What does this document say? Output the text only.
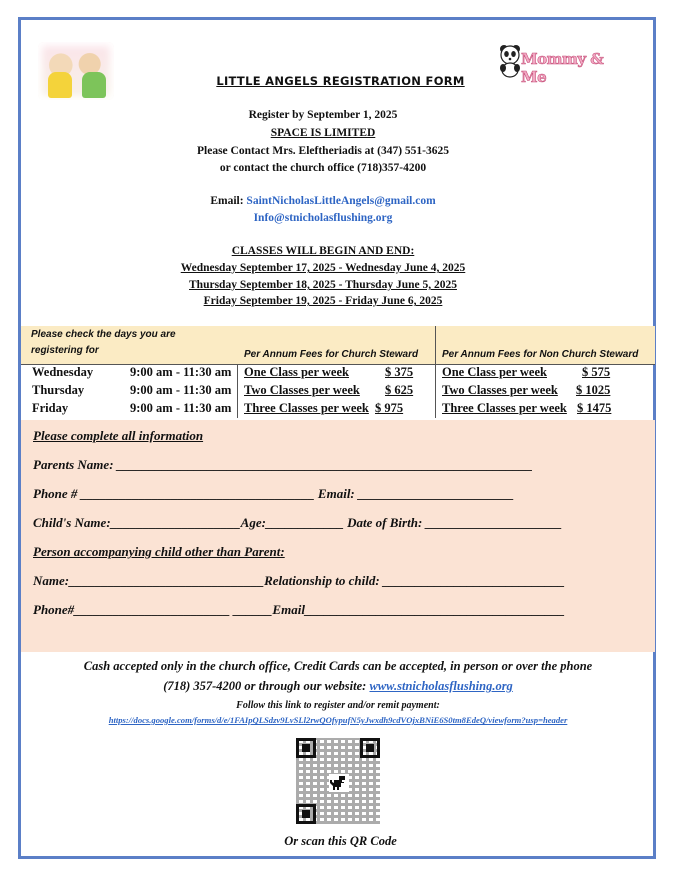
Mommy & Me
LITTLE ANGELS REGISTRATION FORM
Register by September 1, 2025
SPACE IS LIMITED
Please Contact Mrs. Eleftheriadis at (347) 551-3625
or contact the church office (718)357-4200
Email: SaintNicholasLittleAngels@gmail.com
Info@stnicholasflushing.org
CLASSES WILL BEGIN AND END:
Wednesday September 17, 2025 - Wednesday June 4, 2025
Thursday September 18, 2025 - Thursday June 5, 2025
Friday September 19, 2025 - Friday June 6, 2025
Please check the days you are
registering for	Per Annum Fees for Church Steward Per Annum Fees for Non Church Steward
Wednesday	9:00 am - 11:30 am One Class per week	$ 375 One Class per week	$ 575
Thursday	9:00 am - 11:30 am Two Classes per week $ 625 Two Classes per week $ 1025
Friday	9:00 am - 11:30 am Three Classes per week $ 975	Three Classes per week $ 1475
Please complete all information
Parents Name: ________________________________________________________________
Phone # ____________________________________ Email: ________________________
Child's Name:____________________Age:____________ Date of Birth: _____________________
Person accompanying child other than Parent:
Name:______________________________Relationship to child: ____________________________
Phone#________________________ ______Email________________________________________
Cash accepted only in the church office, Credit Cards can be accepted, in person or over the phone
(718) 357-4200 or through our website: www.stnicholasflushing.org
Follow this link to register and/or remit payment:
https://docs.google.com/forms/d/e/1FAIpQLSdzv9LvSLl2rwQOfypufN5yJwxdh9cdVOjxBNiE6S0tm8EdeQ/viewform?usp=header
Or scan this QR Code
